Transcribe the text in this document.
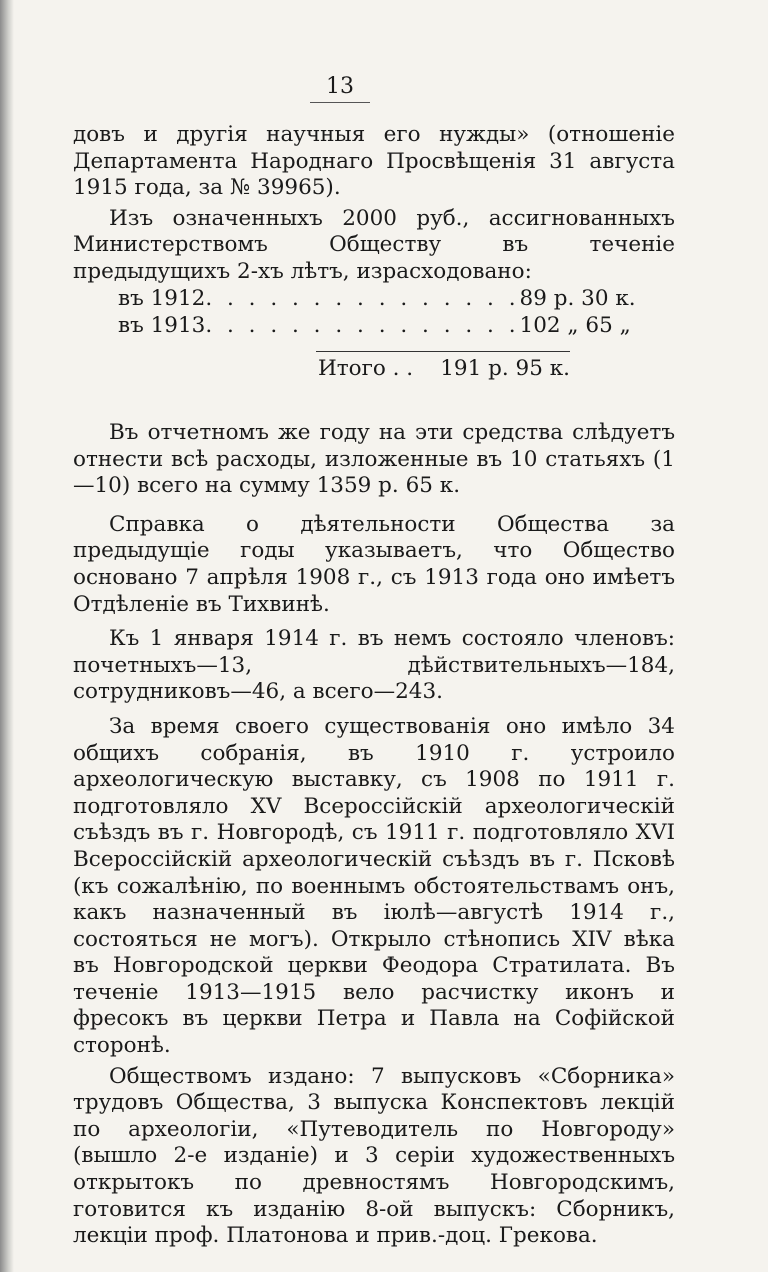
13

довъ и другія научныя его нужды» (отношеніе Департамента Народнаго Просвѣщенія 31 августа 1915 года, за № 39965).

Изъ означенныхъ 2000 руб., ассигнованныхъ Министерствомъ Обществу въ теченіе предыдущихъ 2-хъ лѣтъ, израсходовано:

въ 1912 . . . . . . . . . . . . . . . 89 р. 30 к.
въ 1913 . . . . . . . . . . . . . . . 102 „ 65 „
Итого . . 191 р. 95 к.

Въ отчетномъ же году на эти средства слѣдуетъ отнести всѣ расходы, изложенные въ 10 статьяхъ (1—10) всего на сумму 1359 р. 65 к.

Справка о дѣятельности Общества за предыдущіе годы указываетъ, что Общество основано 7 апрѣля 1908 г., съ 1913 года оно имѣетъ Отдѣленіе въ Тихвинѣ.

Къ 1 января 1914 г. въ немъ состояло членовъ: почетныхъ—13, дѣйствительныхъ—184, сотрудниковъ—46, а всего—243.

За время своего существованія оно имѣло 34 общихъ собранія, въ 1910 г. устроило археологическую выставку, съ 1908 по 1911 г. подготовляло XV Всероссійскій археологическій съѣздъ въ г. Новгородѣ, съ 1911 г. подготовляло XVI Всероссійскій археологическій съѣздъ въ г. Псковѣ (къ сожалѣнію, по военнымъ обстоятельствамъ онъ, какъ назначенный въ іюлѣ—августѣ 1914 г., состояться не могъ). Открыло стѣнопись XIV вѣка въ Новгородской церкви Феодора Стратилата. Въ теченіе 1913—1915 вело расчистку иконъ и фресокъ въ церкви Петра и Павла на Софійской сторонѣ.

Обществомъ издано: 7 выпусковъ «Сборника» трудовъ Общества, 3 выпуска Конспектовъ лекцій по археологіи, «Путеводитель по Новгороду» (вышло 2-е изданіе) и 3 серіи художественныхъ открытокъ по древностямъ Новгородскимъ, готовится къ изданію 8-ой выпускъ: Сборникъ, лекціи проф. Платонова и прив.-доц. Грекова.
